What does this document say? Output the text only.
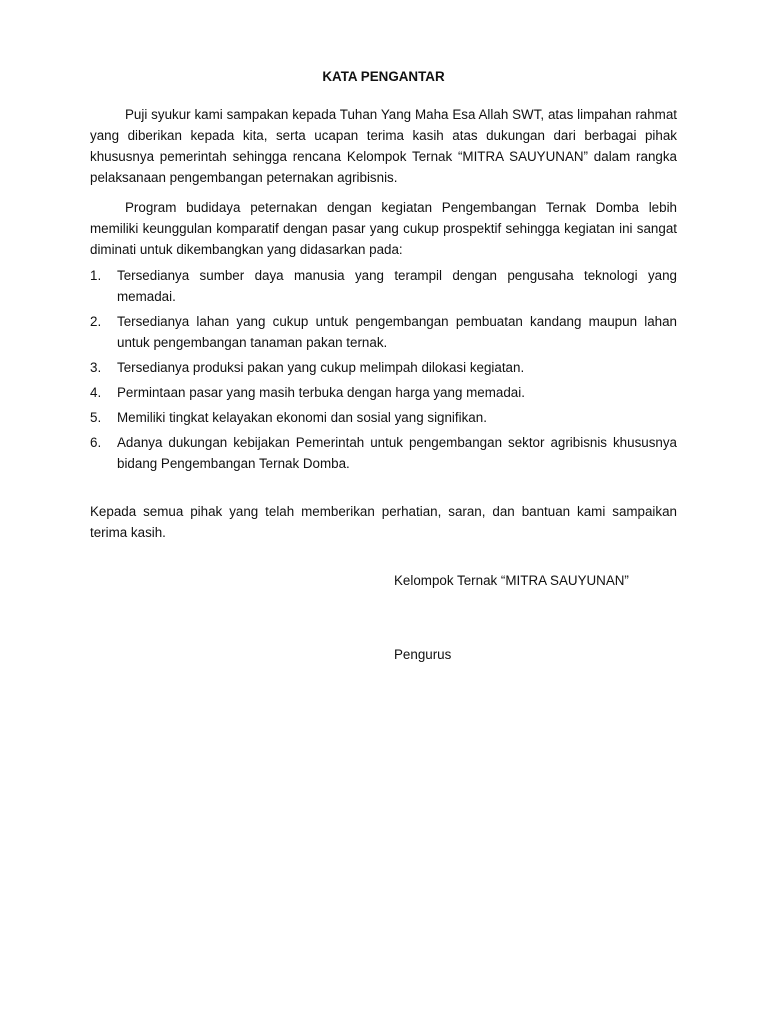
KATA PENGANTAR

Puji syukur kami sampakan kepada Tuhan Yang Maha Esa Allah SWT, atas limpahan rahmat yang diberikan kepada kita, serta ucapan terima kasih atas dukungan dari berbagai pihak khususnya pemerintah sehingga rencana Kelompok Ternak “MITRA SAUYUNAN” dalam rangka pelaksanaan pengembangan peternakan agribisnis.

Program budidaya peternakan dengan kegiatan Pengembangan Ternak Domba lebih memiliki keunggulan komparatif dengan pasar yang cukup prospektif sehingga kegiatan ini sangat diminati untuk dikembangkan yang didasarkan pada:

1. Tersedianya sumber daya manusia yang terampil dengan pengusaha teknologi yang memadai.
2. Tersedianya lahan yang cukup untuk pengembangan pembuatan kandang maupun lahan untuk pengembangan tanaman pakan ternak.
3. Tersedianya produksi pakan yang cukup melimpah dilokasi kegiatan.
4. Permintaan pasar yang masih terbuka dengan harga yang memadai.
5. Memiliki tingkat kelayakan ekonomi dan sosial yang signifikan.
6. Adanya dukungan kebijakan Pemerintah untuk pengembangan sektor agribisnis khususnya bidang Pengembangan Ternak Domba.

Kepada semua pihak yang telah memberikan perhatian, saran, dan bantuan kami sampaikan terima kasih.

Kelompok Ternak “MITRA SAUYUNAN”
Pengurus
